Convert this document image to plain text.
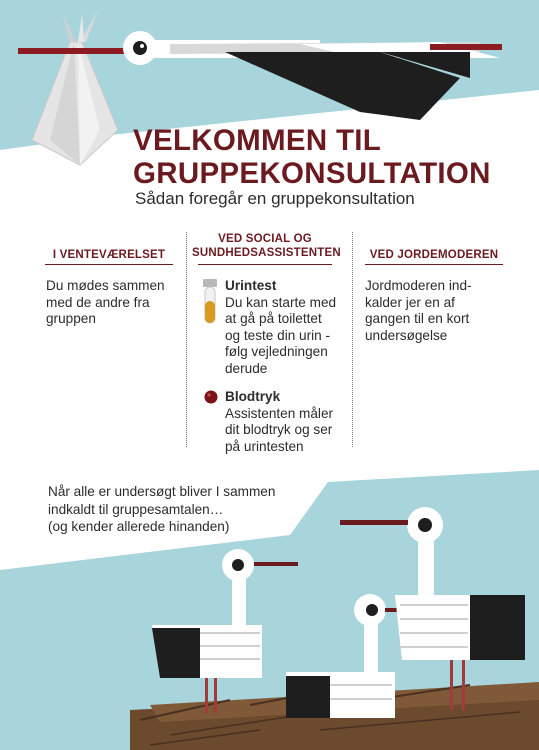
VELKOMMEN TIL
GRUPPEKONSULTATION
Sådan foregår en gruppekonsultation
I VENTEVÆRELSET
Du mødes sammen
med de andre fra
gruppen
VED SOCIAL OG
SUNDHEDSASSISTENTEN
Urintest
Du kan starte med
at gå på toilettet
og teste din urin -
følg vejledningen
derude
Blodtryk
Assistenten måler
dit blodtryk og ser
på urintesten
VED JORDEMODEREN
Jordmoderen ind-
kalder jer en af
gangen til en kort
undersøgelse
Når alle er undersøgt bliver I sammen
indkaldt til gruppesamtalen…
(og kender allerede hinanden)
